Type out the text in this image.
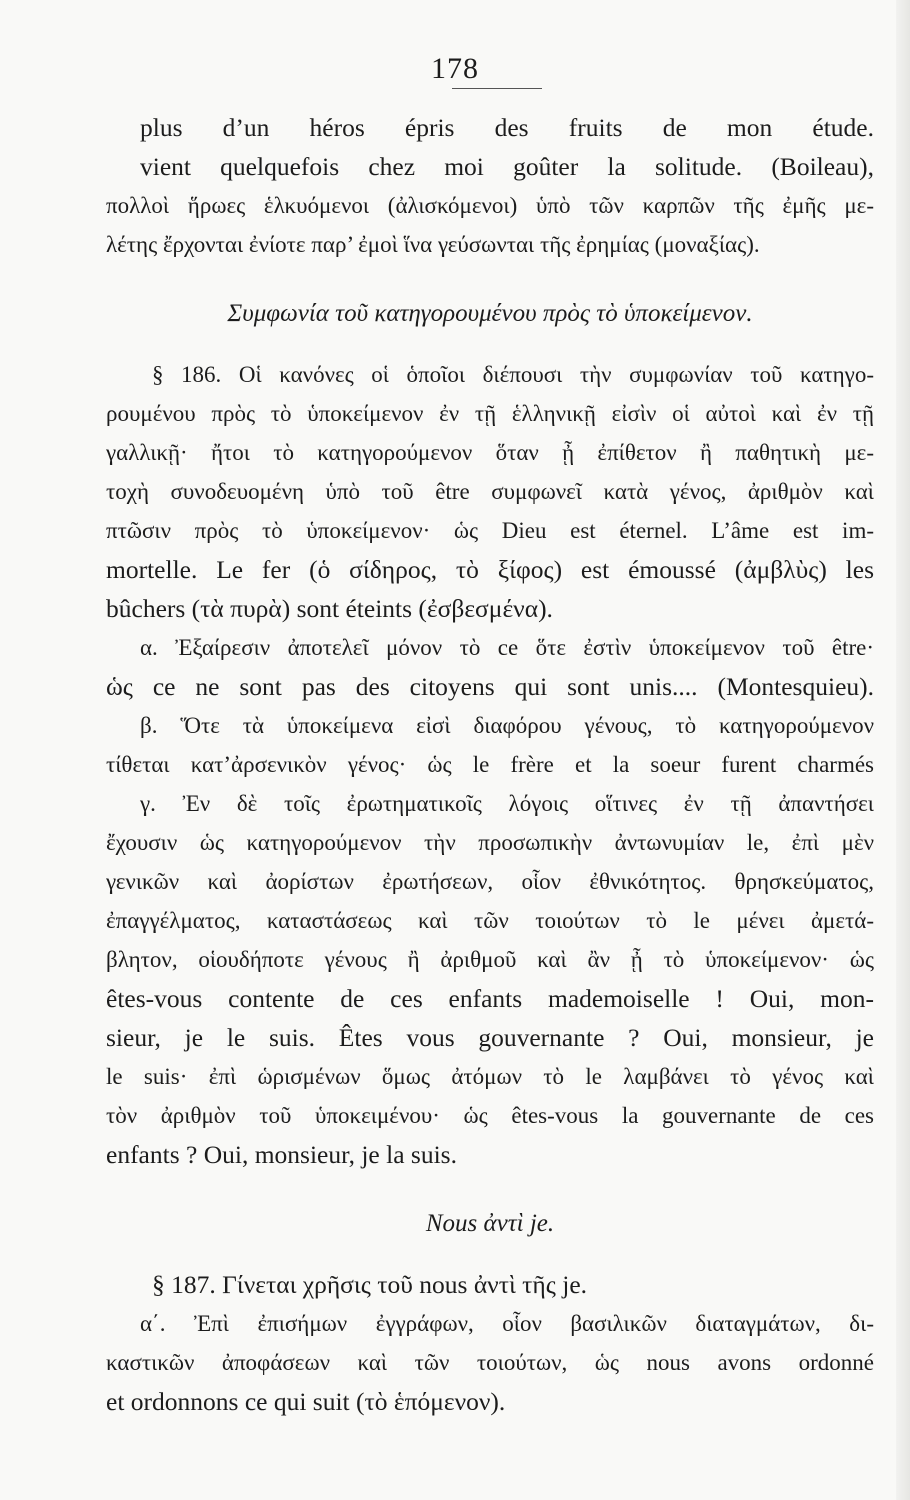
178
plus d’un héros épris des fruits de mon étude.
vient quelquefois chez moi goûter la solitude. (Boileau),
πολλοὶ ἥρωες ἑλκυόμενοι (ἀλισκόμενοι) ὑπὸ τῶν καρπῶν τῆς ἐμῆς με-
λέτης ἔρχονται ἐνίοτε παρ’ ἐμοὶ ἵνα γεύσωνται τῆς ἐρημίας (μοναξίας).
Συμφωνία τοῦ κατηγορουμένου πρὸς τὸ ὑποκείμενον.
§ 186. Οἱ κανόνες οἱ ὁποῖοι διέπουσι τὴν συμφωνίαν τοῦ κατηγο-
ρουμένου πρὸς τὸ ὑποκείμενον ἐν τῇ ἑλληνικῇ εἰσὶν οἱ αὐτοὶ καὶ ἐν τῇ
γαλλικῇ· ἤτοι τὸ κατηγορούμενον ὅταν ᾖ ἐπίθετον ἢ παθητικὴ με-
τοχὴ συνοδευομένη ὑπὸ τοῦ être συμφωνεῖ κατὰ γένος, ἀριθμὸν καὶ
πτῶσιν πρὸς τὸ ὑποκείμενον· ὡς Dieu est éternel. L’âme est im-
mortelle. Le fer (ὁ σίδηρος, τὸ ξίφος) est émoussé (ἀμβλὺς) les
bûchers (τὰ πυρὰ) sont éteints (ἐσβεσμένα).
α. Ἐξαίρεσιν ἀποτελεῖ μόνον τὸ ce ὅτε ἐστὶν ὑποκείμενον τοῦ être·
ὡς ce ne sont pas des citoyens qui sont unis.... (Montesquieu).
β. Ὅτε τὰ ὑποκείμενα εἰσὶ διαφόρου γένους, τὸ κατηγορούμενον
τίθεται κατ’ἀρσενικὸν γένος· ὡς le frère et la soeur furent charmés
γ. Ἐν δὲ τοῖς ἐρωτηματικοῖς λόγοις οἵτινες ἐν τῇ ἀπαντήσει
ἔχουσιν ὡς κατηγορούμενον τὴν προσωπικὴν ἀντωνυμίαν le, ἐπὶ μὲν
γενικῶν καὶ ἀορίστων ἐρωτήσεων, οἷον ἐθνικότητος. θρησκεύματος,
ἐπαγγέλματος, καταστάσεως καὶ τῶν τοιούτων τὸ le μένει ἀμετά-
βλητον, οἱουδήποτε γένους ἢ ἀριθμοῦ καὶ ἂν ᾖ τὸ ὑποκείμενον· ὡς
êtes-vous contente de ces enfants mademoiselle ! Oui, mon-
sieur, je le suis. Êtes vous gouvernante ? Oui, monsieur, je
le suis· ἐπὶ ὡρισμένων ὅμως ἀτόμων τὸ le λαμβάνει τὸ γένος καὶ
τὸν ἀριθμὸν τοῦ ὑποκειμένου· ὡς êtes-vous la gouvernante de ces
enfants ? Oui, monsieur, je la suis.
Nous ἀντὶ je.
§ 187. Γίνεται χρῆσις τοῦ nous ἀντὶ τῆς je.
α΄. Ἐπὶ ἐπισήμων ἐγγράφων, οἷον βασιλικῶν διαταγμάτων, δι-
καστικῶν ἀποφάσεων καὶ τῶν τοιούτων, ὡς nous avons ordonné
et ordonnons ce qui suit (τὸ ἑπόμενον).
